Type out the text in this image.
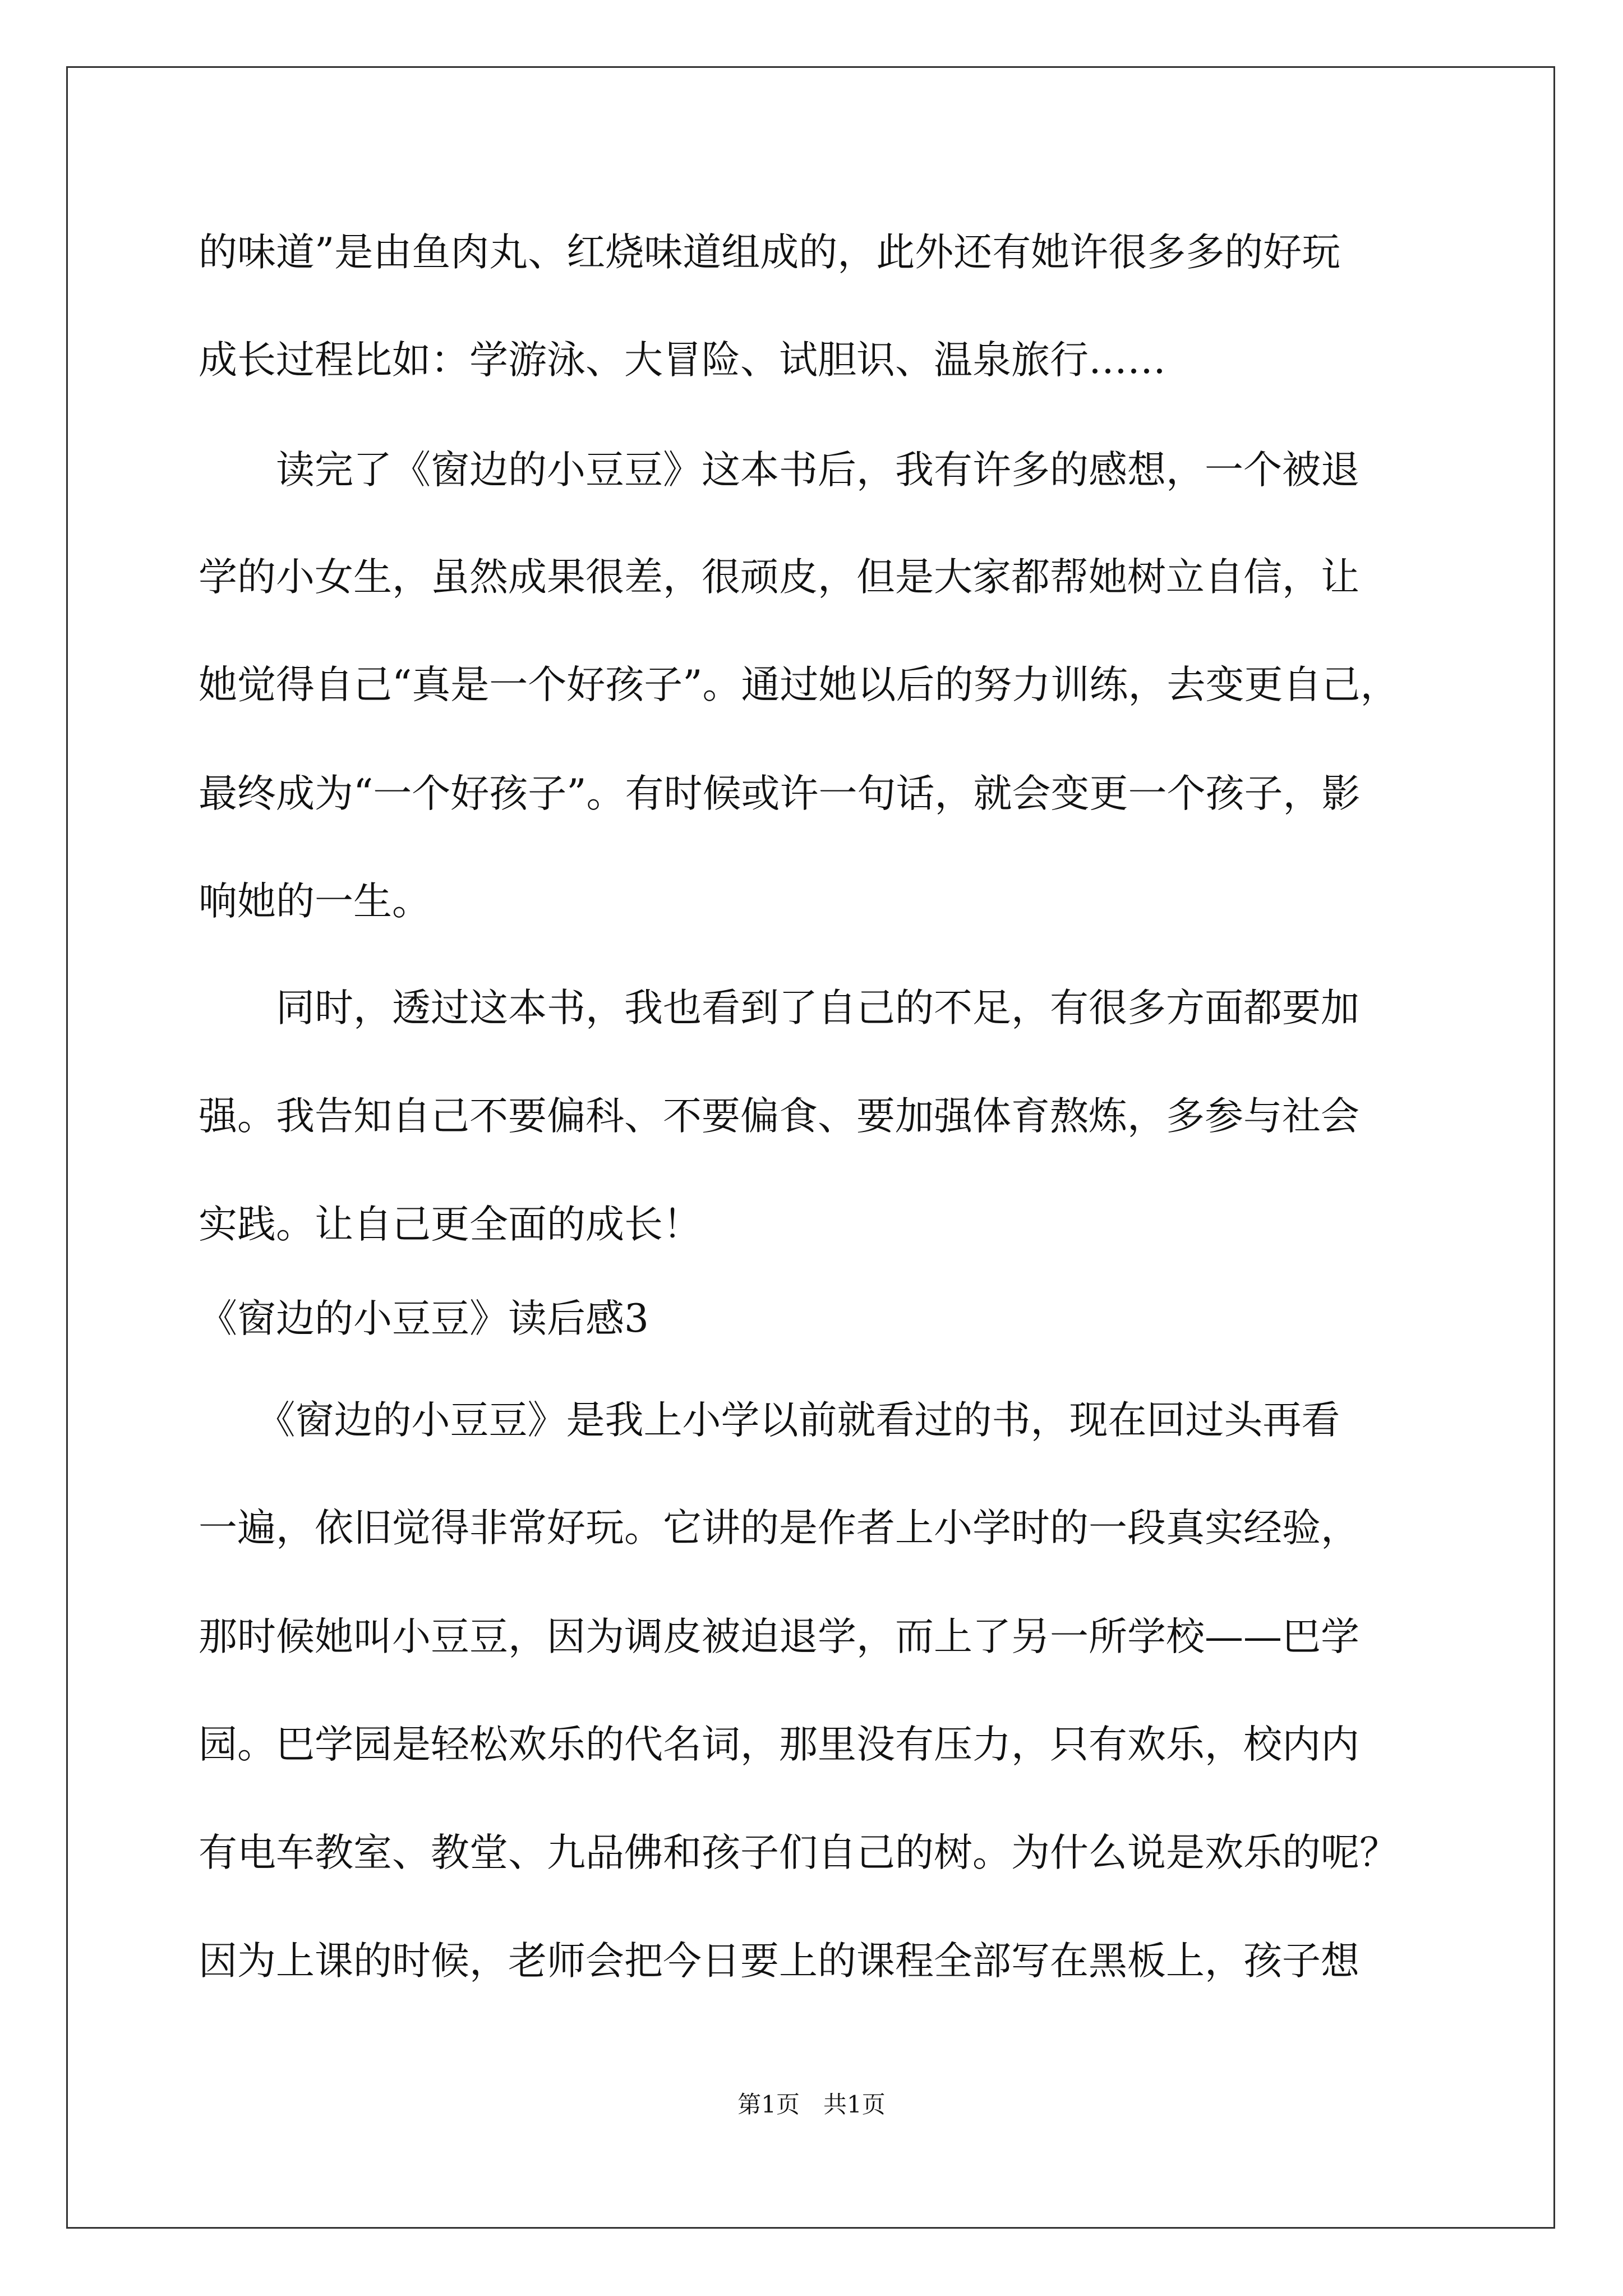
的味道”是由鱼肉丸、红烧味道组成的，此外还有她许很多多的好玩
成长过程比如：学游泳、大冒险、试胆识、温泉旅行……
　　读完了《窗边的小豆豆》这本书后，我有许多的感想，一个被退
学的小女生，虽然成果很差，很顽皮，但是大家都帮她树立自信，让
她觉得自己“真是一个好孩子”。通过她以后的努力训练，去变更自己，
最终成为“一个好孩子”。有时候或许一句话，就会变更一个孩子，影
响她的一生。
　　同时，透过这本书，我也看到了自己的不足，有很多方面都要加
强。我告知自己不要偏科、不要偏食、要加强体育熬炼，多参与社会
实践。让自己更全面的成长！
《窗边的小豆豆》读后感3
　　《窗边的小豆豆》是我上小学以前就看过的书，现在回过头再看
一遍，依旧觉得非常好玩。它讲的是作者上小学时的一段真实经验，
那时候她叫小豆豆，因为调皮被迫退学，而上了另一所学校——巴学
园。巴学园是轻松欢乐的代名词，那里没有压力，只有欢乐，校内内
有电车教室、教堂、九品佛和孩子们自己的树。为什么说是欢乐的呢？
因为上课的时候，老师会把今日要上的课程全部写在黑板上，孩子想
第1页　共1页
